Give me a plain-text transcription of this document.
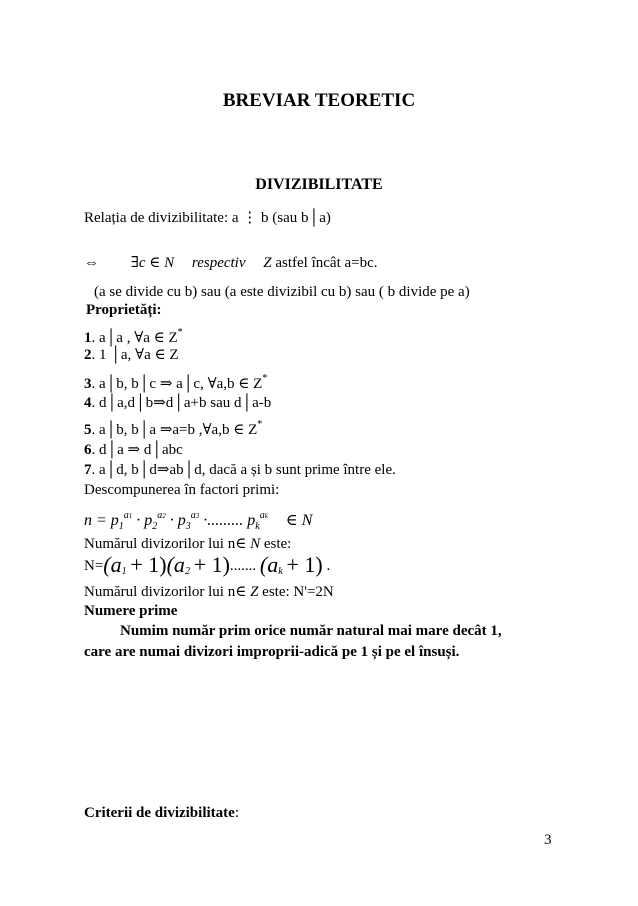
BREVIAR TEORETIC
DIVIZIBILITATE
Relația de divizibilitate: a ⋮ b (sau b│a)
⇔ ∃c ∈ N respectiv Z astfel încât a=bc.
(a se divide cu b) sau (a este divizibil cu b) sau ( b divide pe a)
Proprietăți:
1. a│a , ∀a ∈ Z*
2. 1 │a, ∀a ∈ Z
3. a│b, b│c ⇒ a│c, ∀a,b ∈ Z*
4. d│a,d│b⇒d│a+b sau d│a-b
5. a│b, b│a ⇒a=b ,∀a,b ∈ Z*
6. d│a ⇒ d│abc
7. a│d, b│d⇒ab│d, dacă a și b sunt prime între ele.
Descompunerea în factori primi:
$n = p_1^{a1} \cdot p_2^{a2} \cdot p_3^{a3}$ ·......... $p_k^{ak}$ ∈ N
Numărul divizorilor lui n∈ N este:
$N=(a_1 + 1)(a_2 + 1)$....... $(a_k + 1)$ .
Numărul divizorilor lui n∈ Z este: N'=2N
Numere prime
Numim număr prim orice număr natural mai mare decât 1,
care are numai divizori improprii-adică pe 1 și pe el însuși.
Criterii de divizibilitate:
3
